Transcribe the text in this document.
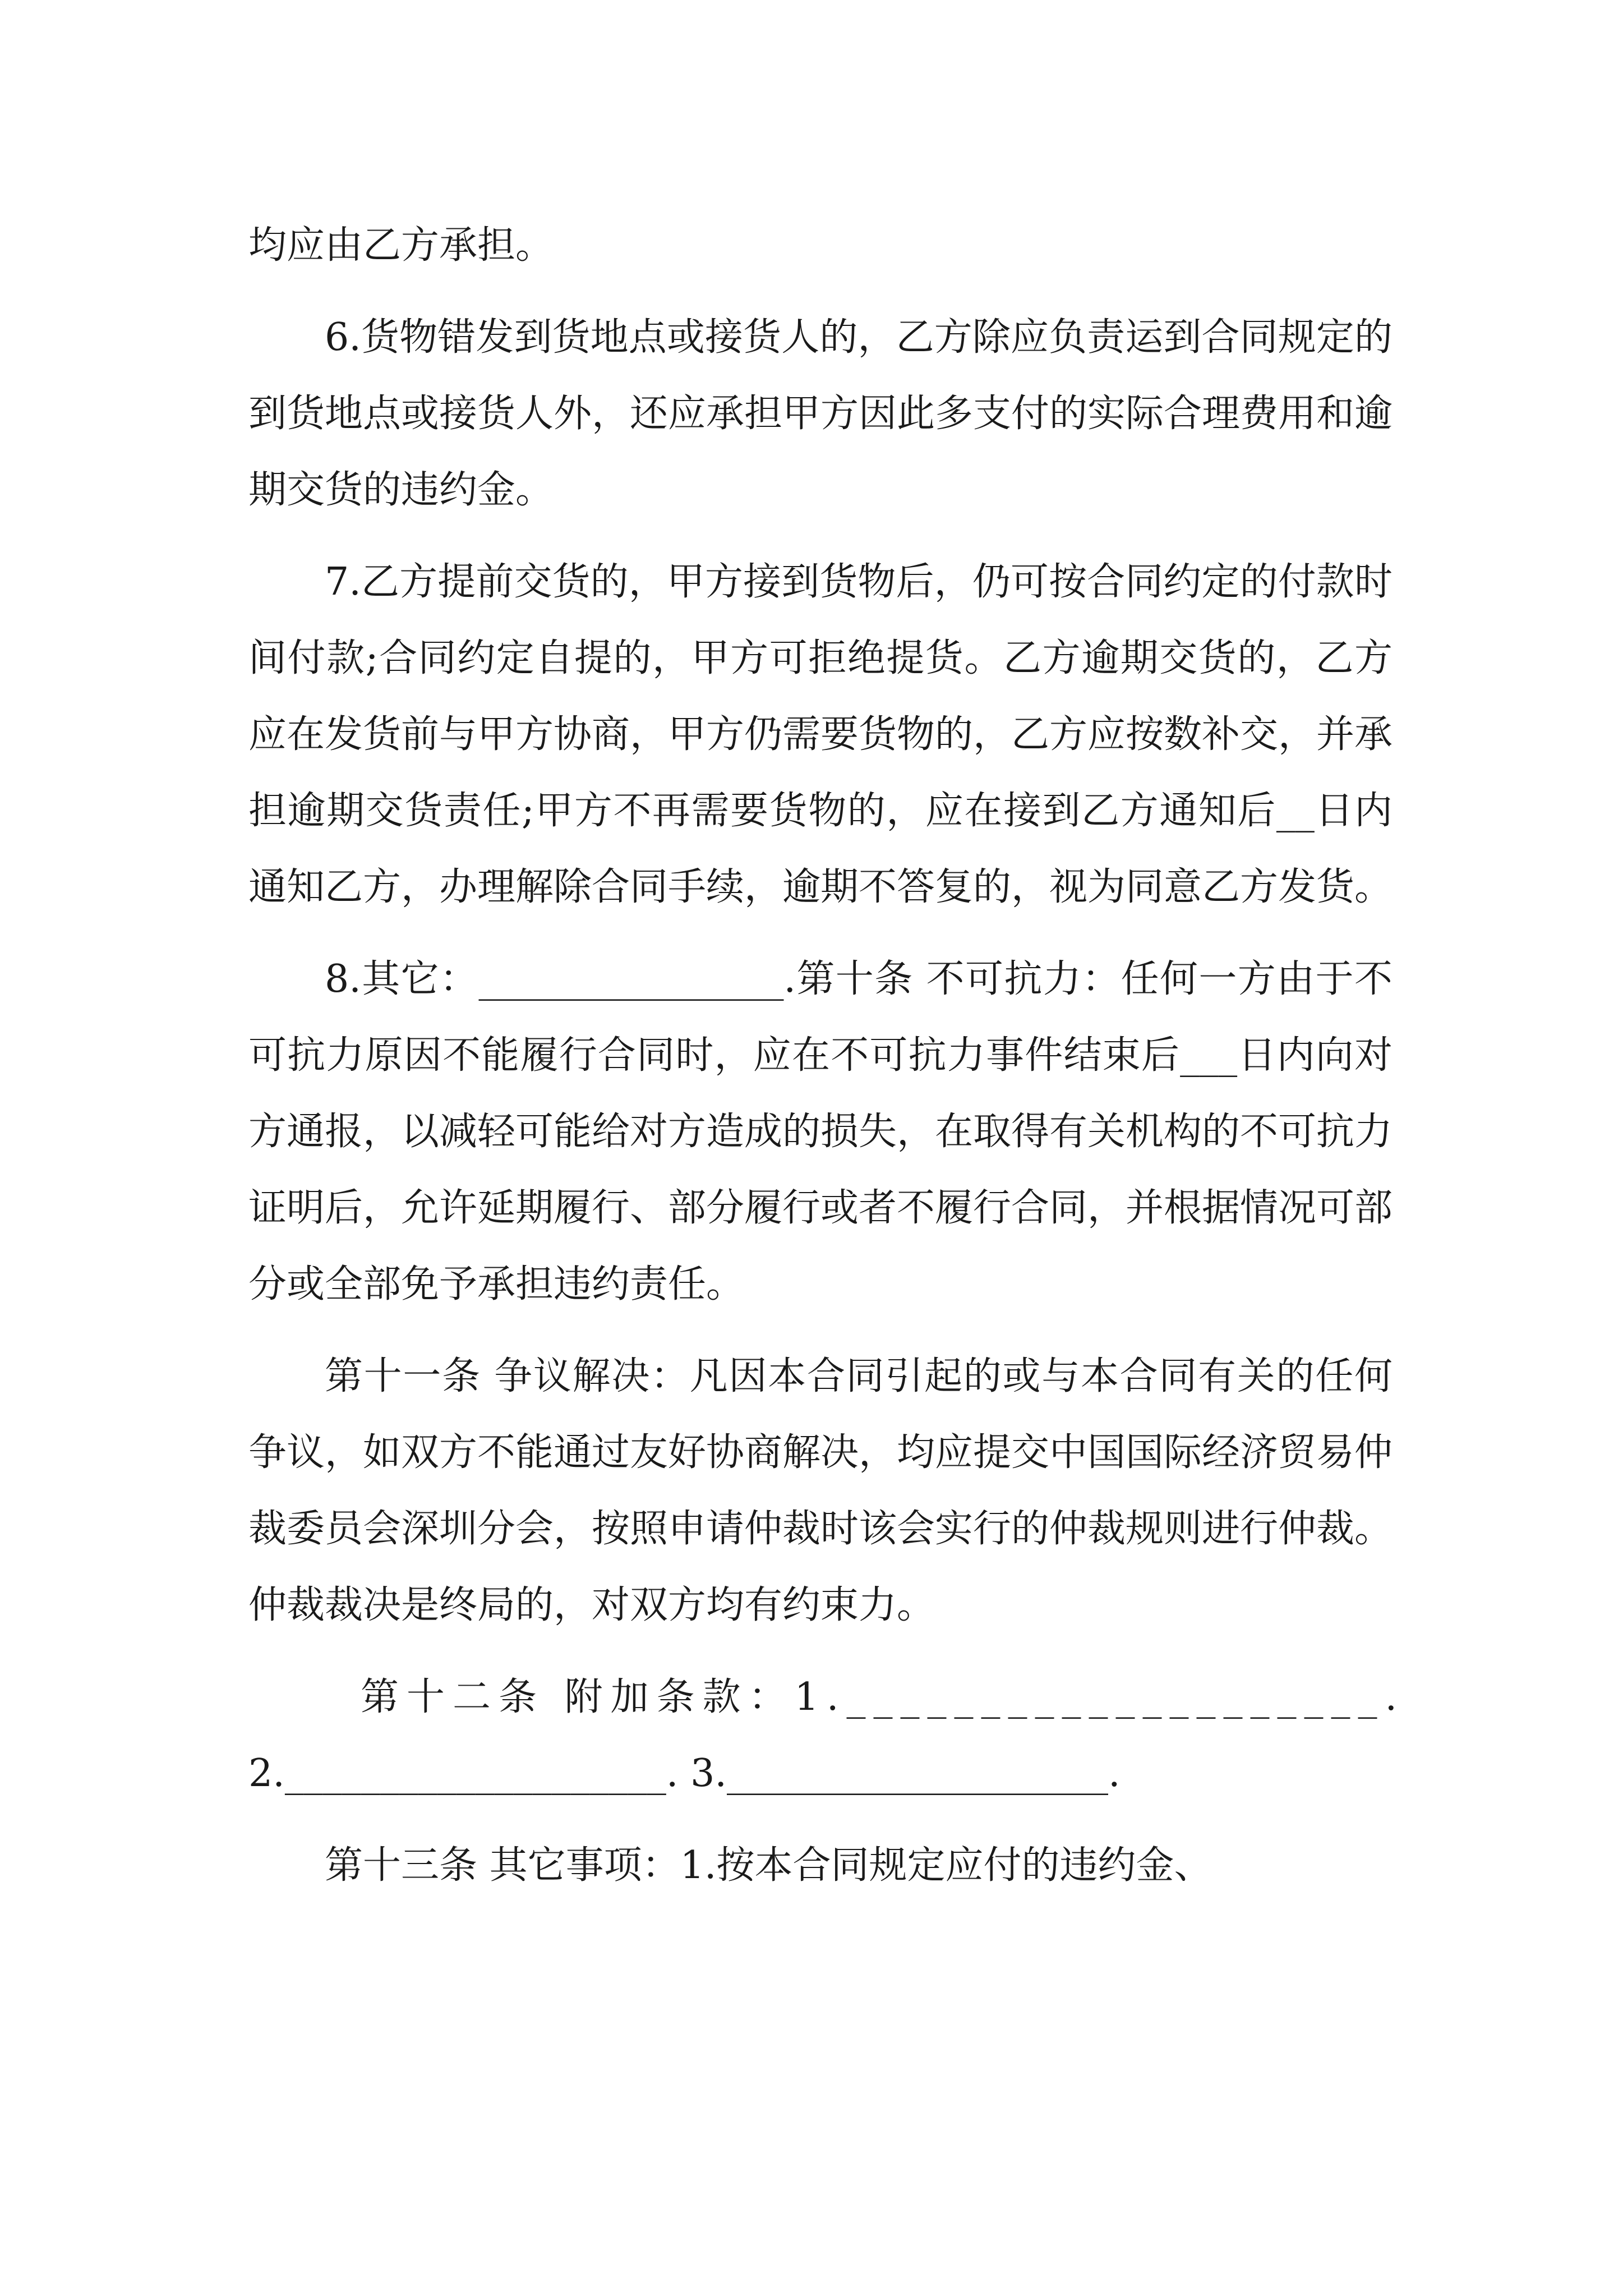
均应由乙方承担。

6.货物错发到货地点或接货人的，乙方除应负责运到合同规定的到货地点或接货人外，还应承担甲方因此多支付的实际合理费用和逾期交货的违约金。

7.乙方提前交货的，甲方接到货物后，仍可按合同约定的付款时间付款;合同约定自提的，甲方可拒绝提货。乙方逾期交货的，乙方应在发货前与甲方协商，甲方仍需要货物的，乙方应按数补交，并承担逾期交货责任;甲方不再需要货物的，应在接到乙方通知后__日内通知乙方，办理解除合同手续，逾期不答复的，视为同意乙方发货。

8.其它：________________.第十条 不可抗力：任何一方由于不可抗力原因不能履行合同时，应在不可抗力事件结束后___日内向对方通报，以减轻可能给对方造成的损失，在取得有关机构的不可抗力证明后，允许延期履行、部分履行或者不履行合同，并根据情况可部分或全部免予承担违约责任。

第十一条 争议解决：凡因本合同引起的或与本合同有关的任何争议，如双方不能通过友好协商解决，均应提交中国国际经济贸易仲裁委员会深圳分会，按照申请仲裁时该会实行的仲裁规则进行仲裁。仲裁裁决是终局的，对双方均有约束力。

第十二条 附加条款：1.____________________.
2.____________________. 3.____________________.

第十三条 其它事项：1.按本合同规定应付的违约金、
